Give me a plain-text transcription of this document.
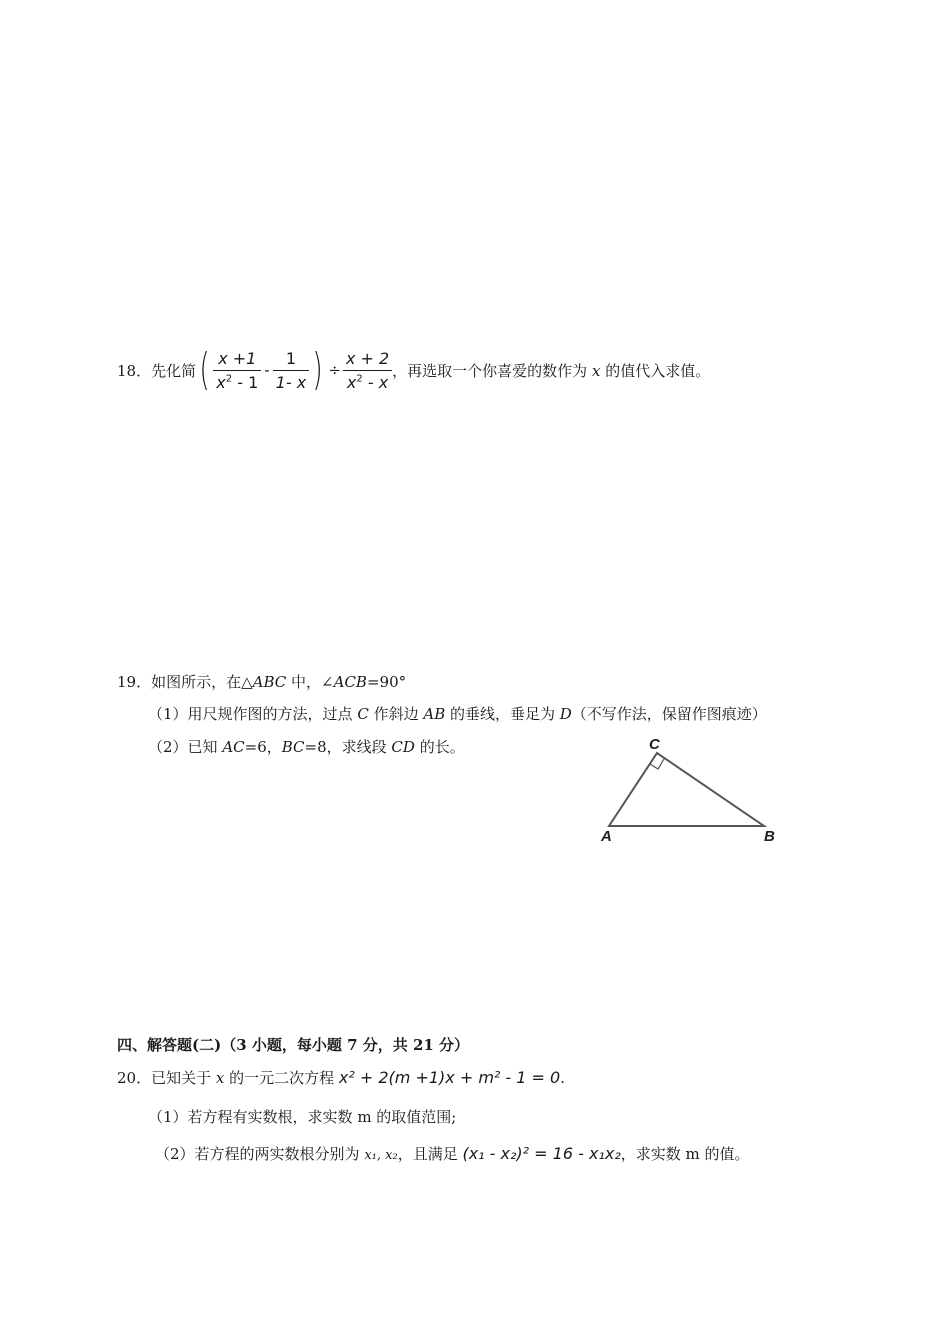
18． 先化简 ( $\frac{x +1}{x^2 - 1} - \frac{1}{1- x}$ ) ÷ $\frac{x + 2}{x^2 - x}$ ，再选取一个你喜爱的数作为 x 的值代入求值。
19．如图所示，在△ABC 中，∠ACB=90°
（1）用尺规作图的方法，过点 C 作斜边 AB 的垂线，垂足为 D（不写作法，保留作图痕迹）
（2）已知 AC=6，BC=8，求线段 CD 的长。	C
A	B
四、解答题(二)（3 小题，每小题 7 分，共 21 分）
20．已知关于 x 的一元二次方程 x² + 2(m +1)x + m² - 1 = 0.
（1）若方程有实数根，求实数 m 的取值范围;
（2）若方程的两实数根分别为 x₁, x₂，且满足 (x₁ - x₂)² = 16 - x₁x₂，求实数 m 的值。
